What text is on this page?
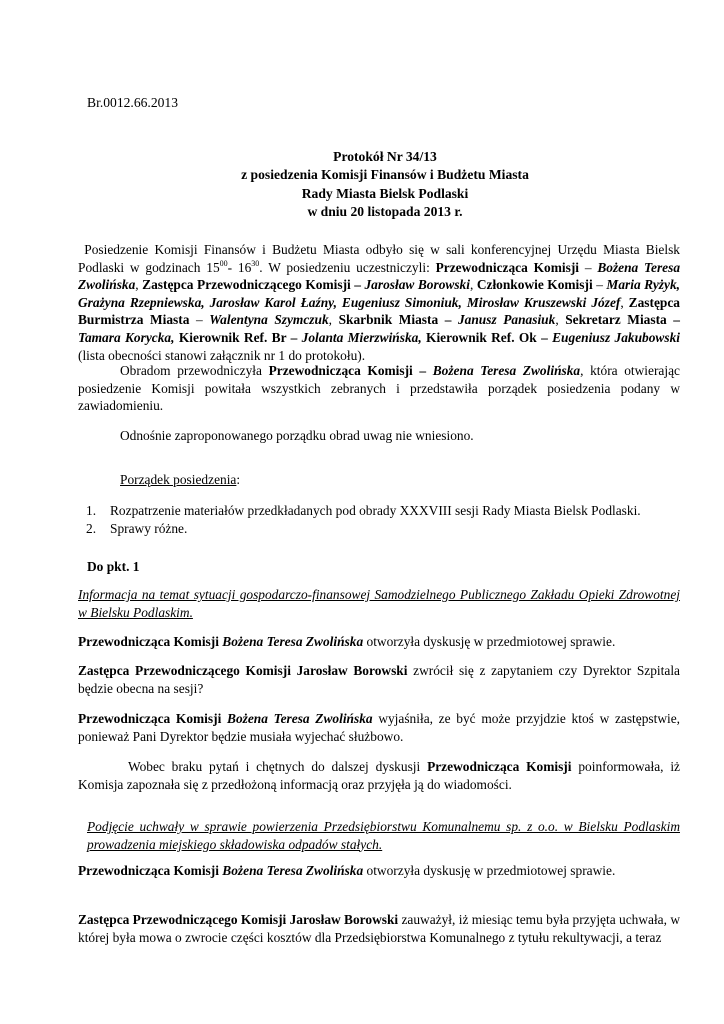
Br.0012.66.2013
Protokół Nr 34/13
z posiedzenia Komisji Finansów i Budżetu Miasta
Rady Miasta Bielsk Podlaski
w dniu 20 listopada 2013 r.
Posiedzenie Komisji Finansów i Budżetu Miasta odbyło się w sali konferencyjnej Urzędu Miasta Bielsk Podlaski w godzinach $15^{00}-$ $16^{30}$. W posiedzeniu uczestniczyli: Przewodnicząca Komisji – Bożena Teresa Zwolińska, Zastępca Przewodniczącego Komisji – Jarosław Borowski, Członkowie Komisji – Maria Ryżyk, Grażyna Rzepniewska, Jarosław Karol Łaźny, Eugeniusz Simoniuk, Mirosław Kruszewski Józef, Zastępca Burmistrza Miasta – Walentyna Szymczuk, Skarbnik Miasta – Janusz Panasiuk, Sekretarz Miasta – Tamara Korycka, Kierownik Ref. Br – Jolanta Mierzwińska, Kierownik Ref. Ok – Eugeniusz Jakubowski (lista obecności stanowi załącznik nr 1 do protokołu).
Obradom przewodniczyła Przewodnicząca Komisji – Bożena Teresa Zwolińska, która otwierając posiedzenie Komisji powitała wszystkich zebranych i przedstawiła porządek posiedzenia podany w zawiadomieniu.
Odnośnie zaproponowanego porządku obrad uwag nie wniesiono.
Porządek posiedzenia:
1.	Rozpatrzenie materiałów przedkładanych pod obrady XXXVIII sesji Rady Miasta Bielsk Podlaski.
2.	Sprawy różne.
Do pkt. 1
Informacja na temat sytuacji gospodarczo-finansowej Samodzielnego Publicznego Zakładu Opieki Zdrowotnej w Bielsku Podlaskim.
Przewodnicząca Komisji Bożena Teresa Zwolińska otworzyła dyskusję w przedmiotowej sprawie.
Zastępca Przewodniczącego Komisji Jarosław Borowski zwrócił się z zapytaniem czy Dyrektor Szpitala będzie obecna na sesji?
Przewodnicząca Komisji Bożena Teresa Zwolińska wyjaśniła, ze być może przyjdzie ktoś w zastępstwie, ponieważ Pani Dyrektor będzie musiała wyjechać służbowo.
Wobec braku pytań i chętnych do dalszej dyskusji Przewodnicząca Komisji poinformowała, iż Komisja zapoznała się z przedłożoną informacją oraz przyjęła ją do wiadomości.
Podjęcie uchwały w sprawie powierzenia Przedsiębiorstwu Komunalnemu sp. z o.o. w Bielsku Podlaskim prowadzenia miejskiego składowiska odpadów stałych.
Przewodnicząca Komisji Bożena Teresa Zwolińska otworzyła dyskusję w przedmiotowej sprawie.
Zastępca Przewodniczącego Komisji Jarosław Borowski zauważył, iż miesiąc temu była przyjęta uchwała, w której była mowa o zwrocie części kosztów dla Przedsiębiorstwa Komunalnego z tytułu rekultywacji, a teraz
